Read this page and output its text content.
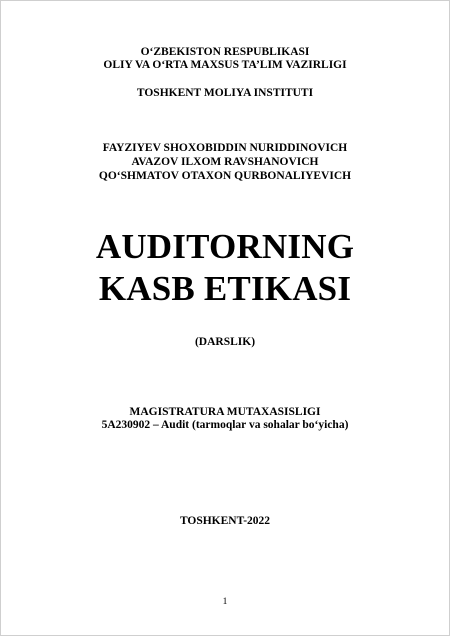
O‘ZBEKISTON RESPUBLIKASI
OLIY VA O‘RTA MAXSUS TA’LIM VAZIRLIGI
TOSHKENT MOLIYA INSTITUTI
FAYZIYEV SHOXOBIDDIN NURIDDINOVICH
AVAZOV ILXOM RAVSHANOVICH
QO‘SHMATOV OTAXON QURBONALIYEVICH
AUDITORNING
KASB ETIKASI
(DARSLIK)
MAGISTRATURA MUTAXASISLIGI
5A230902 – Audit (tarmoqlar va sohalar bo‘yicha)
TOSHKENT-2022
1
